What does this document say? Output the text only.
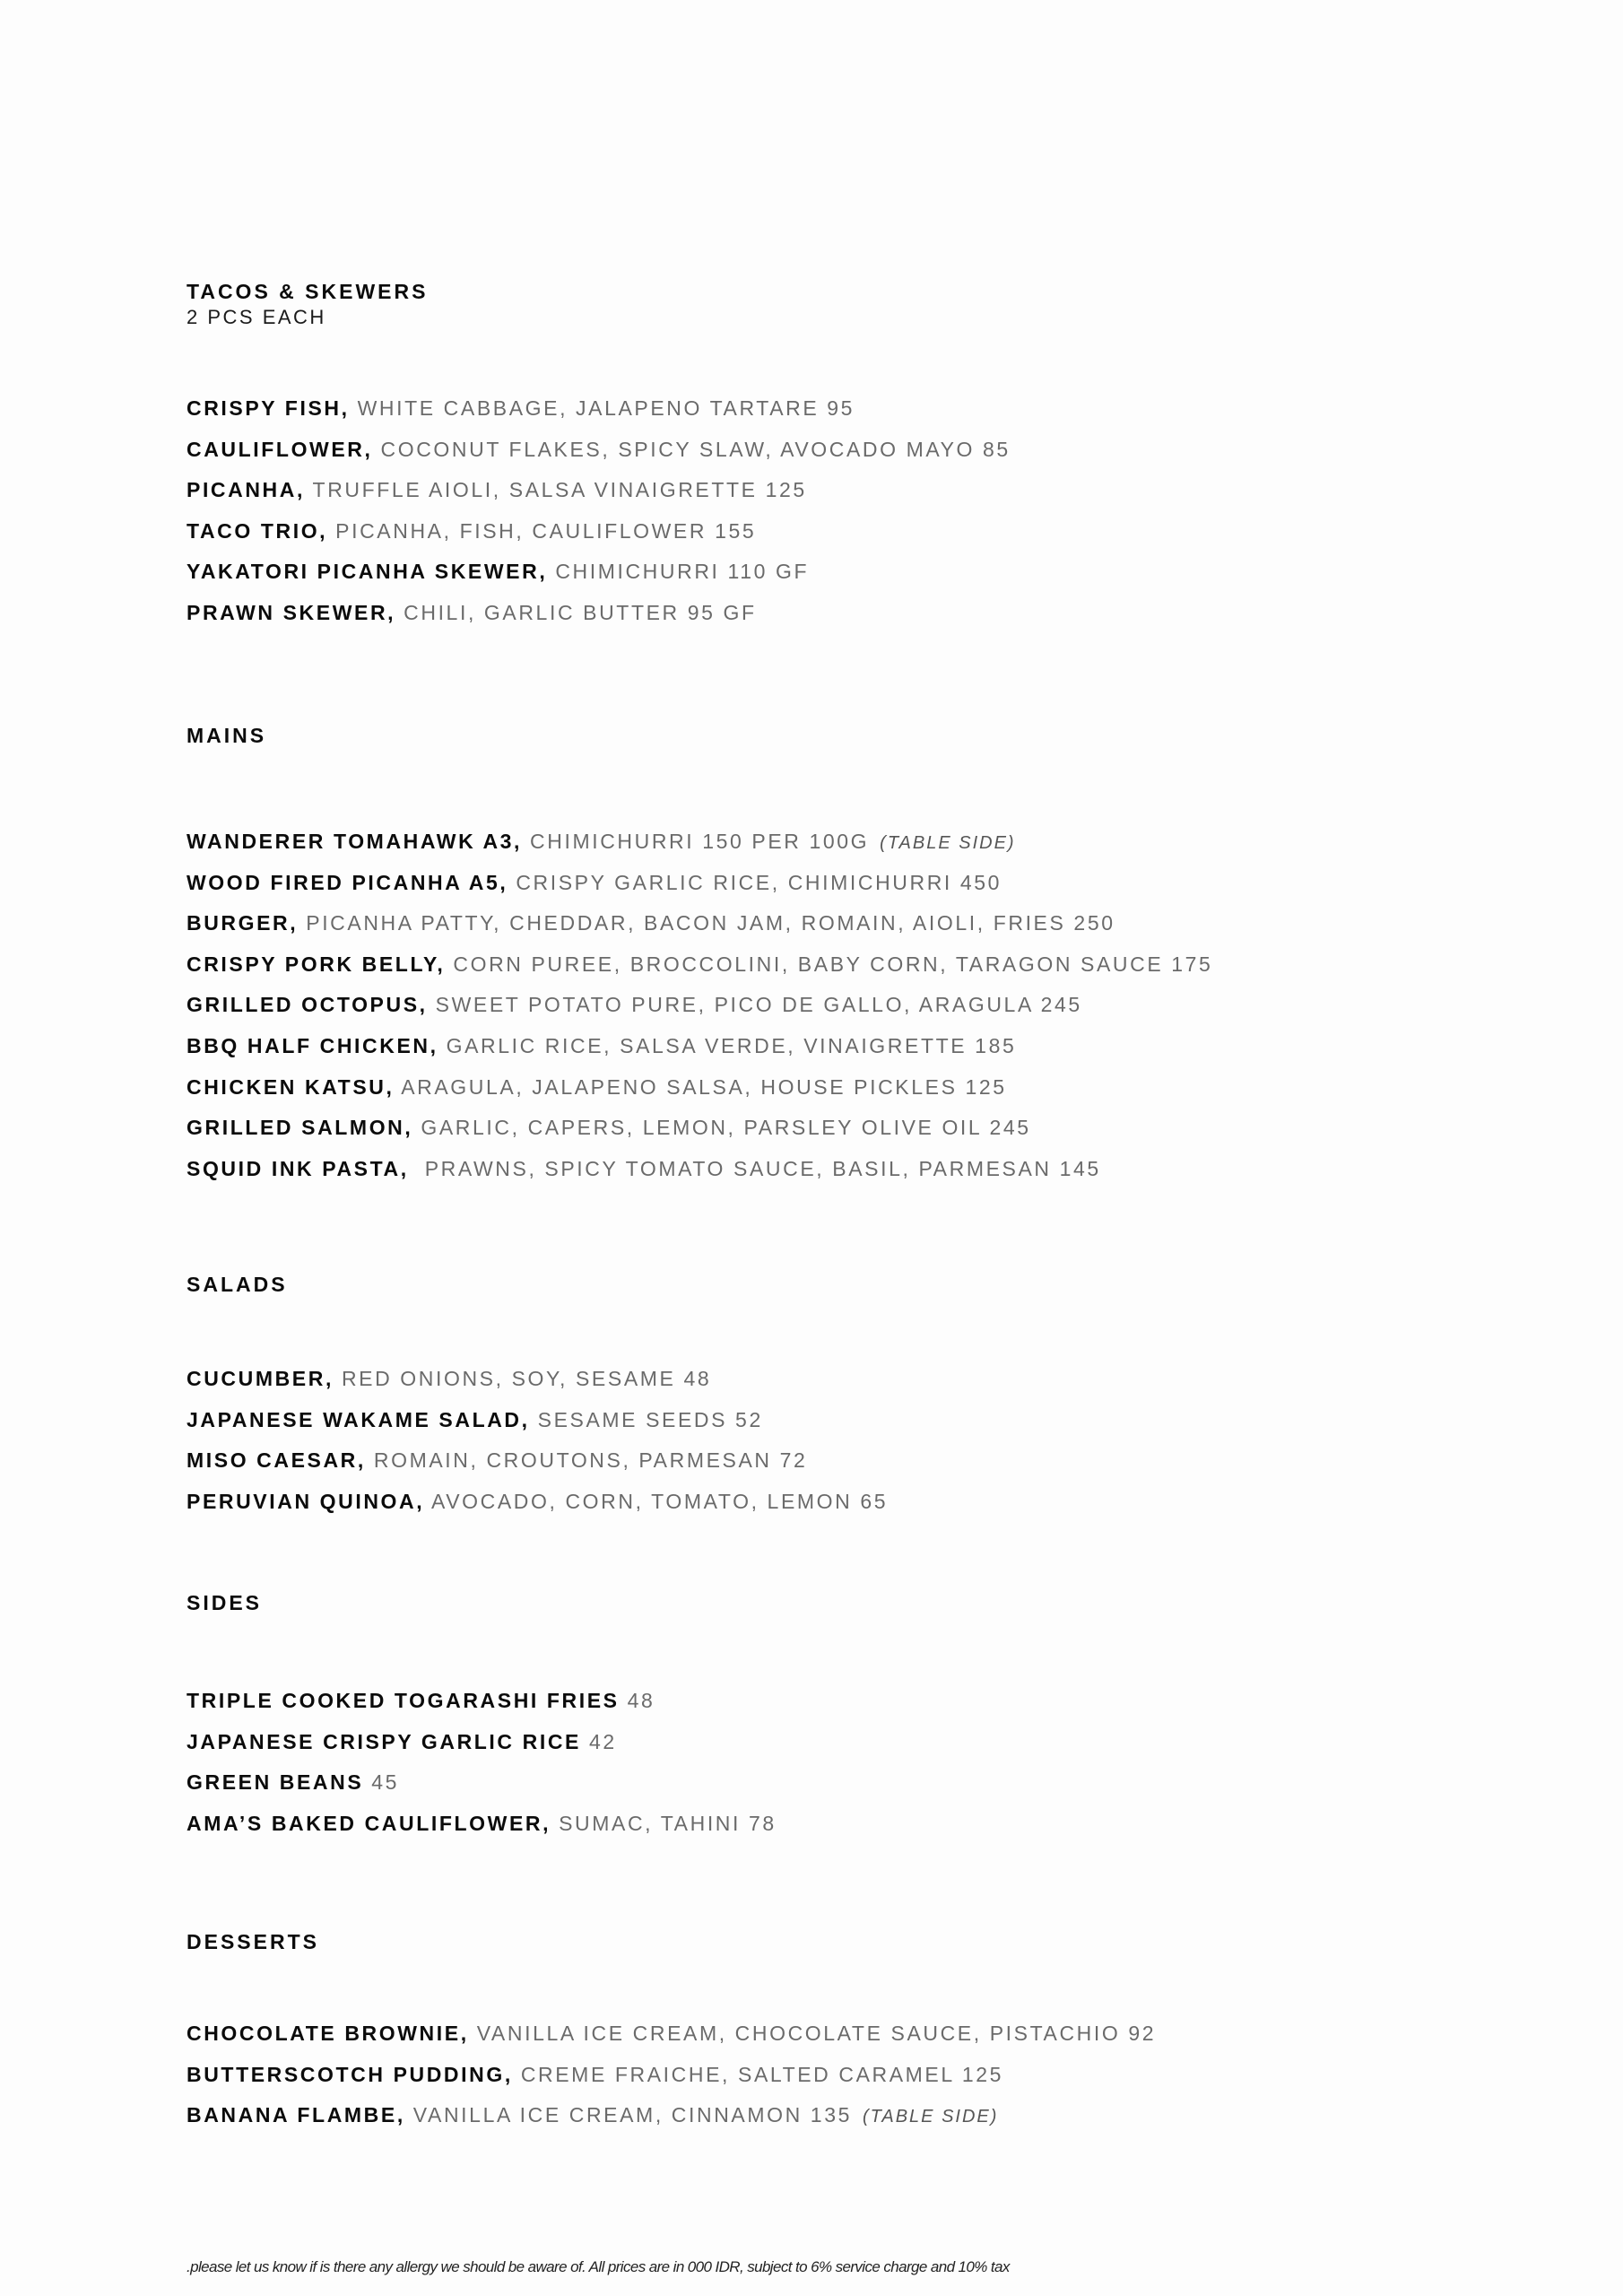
TACOS & SKEWERS
2 PCS EACH
CRISPY FISH, WHITE CABBAGE, JALAPENO TARTARE 95
CAULIFLOWER, COCONUT FLAKES, SPICY SLAW, AVOCADO MAYO 85
PICANHA, TRUFFLE AIOLI, SALSA VINAIGRETTE 125
TACO TRIO, PICANHA, FISH, CAULIFLOWER 155
YAKATORI PICANHA SKEWER, CHIMICHURRI 110 GF
PRAWN SKEWER, CHILI, GARLIC BUTTER 95 GF
MAINS
WANDERER TOMAHAWK A3, CHIMICHURRI 150 PER 100G (TABLE SIDE)
WOOD FIRED PICANHA A5, CRISPY GARLIC RICE, CHIMICHURRI 450
BURGER, PICANHA PATTY, CHEDDAR, BACON JAM, ROMAIN, AIOLI, FRIES 250
CRISPY PORK BELLY, CORN PUREE, BROCCOLINI, BABY CORN, TARAGON SAUCE 175
GRILLED OCTOPUS, SWEET POTATO PURE, PICO DE GALLO, ARAGULA 245
BBQ HALF CHICKEN, GARLIC RICE, SALSA VERDE, VINAIGRETTE 185
CHICKEN KATSU, ARAGULA, JALAPENO SALSA, HOUSE PICKLES 125
GRILLED SALMON, GARLIC, CAPERS, LEMON, PARSLEY OLIVE OIL 245
SQUID INK PASTA,  PRAWNS, SPICY TOMATO SAUCE, BASIL, PARMESAN 145
SALADS
CUCUMBER, RED ONIONS, SOY, SESAME 48
JAPANESE WAKAME SALAD, SESAME SEEDS 52
MISO CAESAR, ROMAIN, CROUTONS, PARMESAN 72
PERUVIAN QUINOA, AVOCADO, CORN, TOMATO, LEMON 65
SIDES
TRIPLE COOKED TOGARASHI FRIES 48
JAPANESE CRISPY GARLIC RICE 42
GREEN BEANS 45
AMA’S BAKED CAULIFLOWER, SUMAC, TAHINI 78
DESSERTS
CHOCOLATE BROWNIE, VANILLA ICE CREAM, CHOCOLATE SAUCE, PISTACHIO 92
BUTTERSCOTCH PUDDING, CREME FRAICHE, SALTED CARAMEL 125
BANANA FLAMBE, VANILLA ICE CREAM, CINNAMON 135 (TABLE SIDE)
.please let us know if is there any allergy we should be aware of. All prices are in 000 IDR, subject to 6% service charge and 10% tax
